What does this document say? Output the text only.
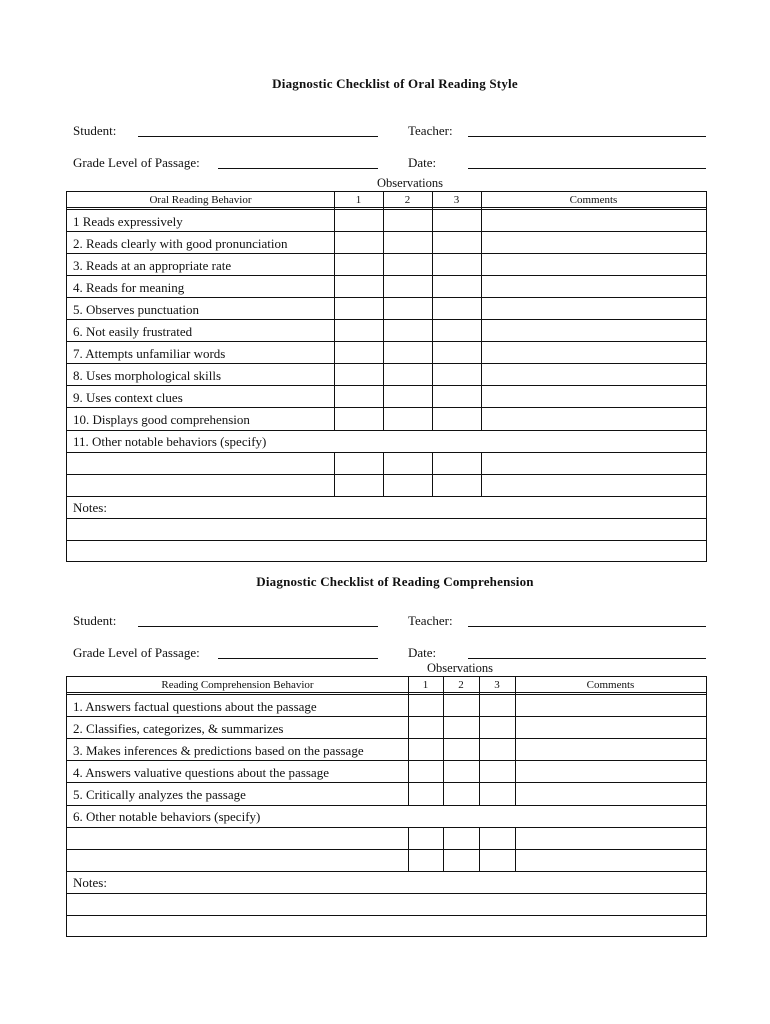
Diagnostic Checklist of Oral Reading Style
Student:	Teacher:
Grade Level of Passage:	Date:
Observations
Oral Reading Behavior	1	2	3	Comments
1 Reads expressively
2. Reads clearly with good pronunciation
3. Reads at an appropriate rate
4. Reads for meaning
5. Observes punctuation
6. Not easily frustrated
7. Attempts unfamiliar words
8. Uses morphological skills
9. Uses context clues
10. Displays good comprehension
11. Other notable behaviors (specify)
Notes:
Diagnostic Checklist of Reading Comprehension
Student:	Teacher:
Grade Level of Passage:	Date:
Observations
Reading Comprehension Behavior	1	2	3	Comments
1. Answers factual questions about the passage
2. Classifies, categorizes, & summarizes
3. Makes inferences & predictions based on the passage
4. Answers valuative questions about the passage
5. Critically analyzes the passage
6. Other notable behaviors (specify)
Notes:
